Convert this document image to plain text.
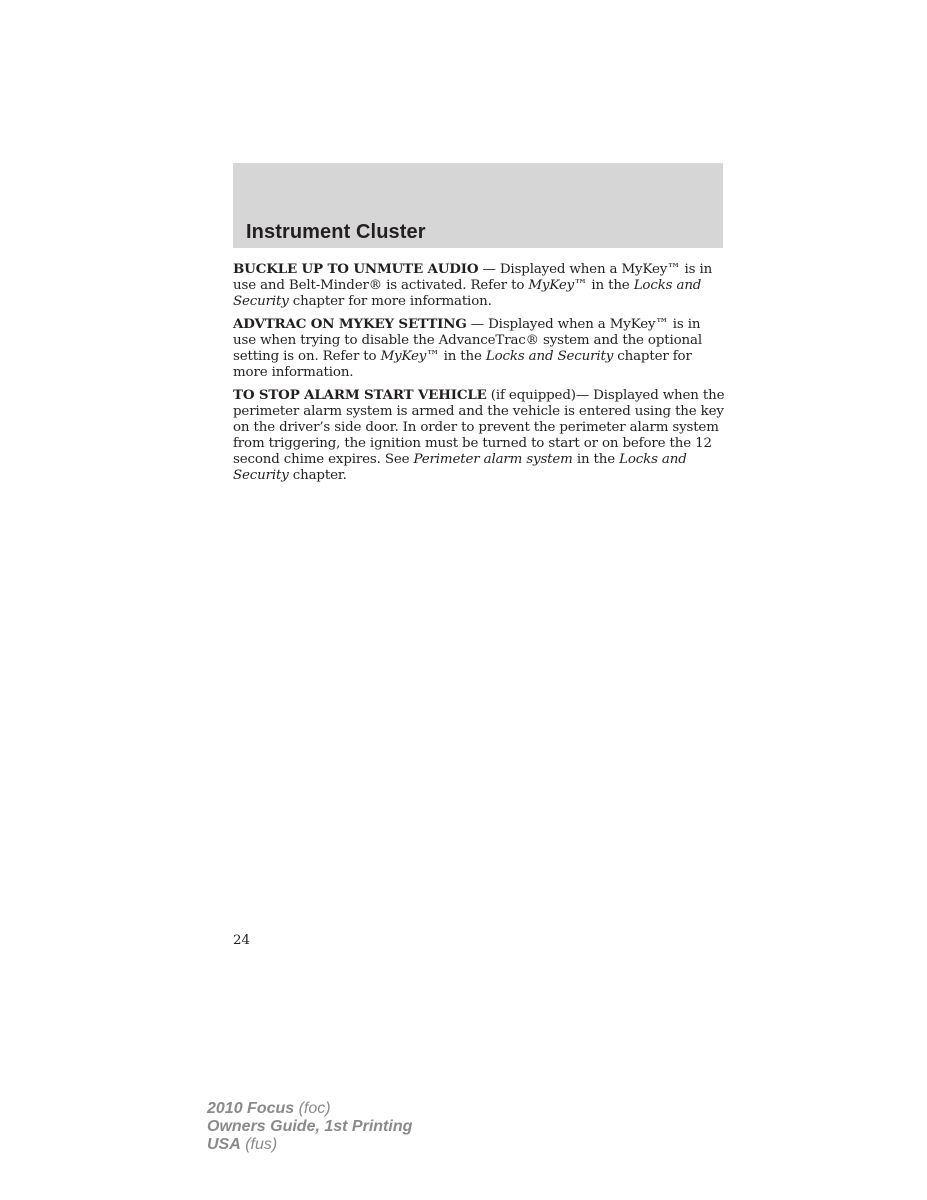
Instrument Cluster

BUCKLE UP TO UNMUTE AUDIO — Displayed when a MyKey™ is in use and Belt-Minder® is activated. Refer to MyKey™ in the Locks and Security chapter for more information.

ADVTRAC ON MYKEY SETTING — Displayed when a MyKey™ is in use when trying to disable the AdvanceTrac® system and the optional setting is on. Refer to MyKey™ in the Locks and Security chapter for more information.

TO STOP ALARM START VEHICLE (if equipped)— Displayed when the perimeter alarm system is armed and the vehicle is entered using the key on the driver’s side door. In order to prevent the perimeter alarm system from triggering, the ignition must be turned to start or on before the 12 second chime expires. See Perimeter alarm system in the Locks and Security chapter.

24
2010 Focus (foc)
Owners Guide, 1st Printing
USA (fus)
